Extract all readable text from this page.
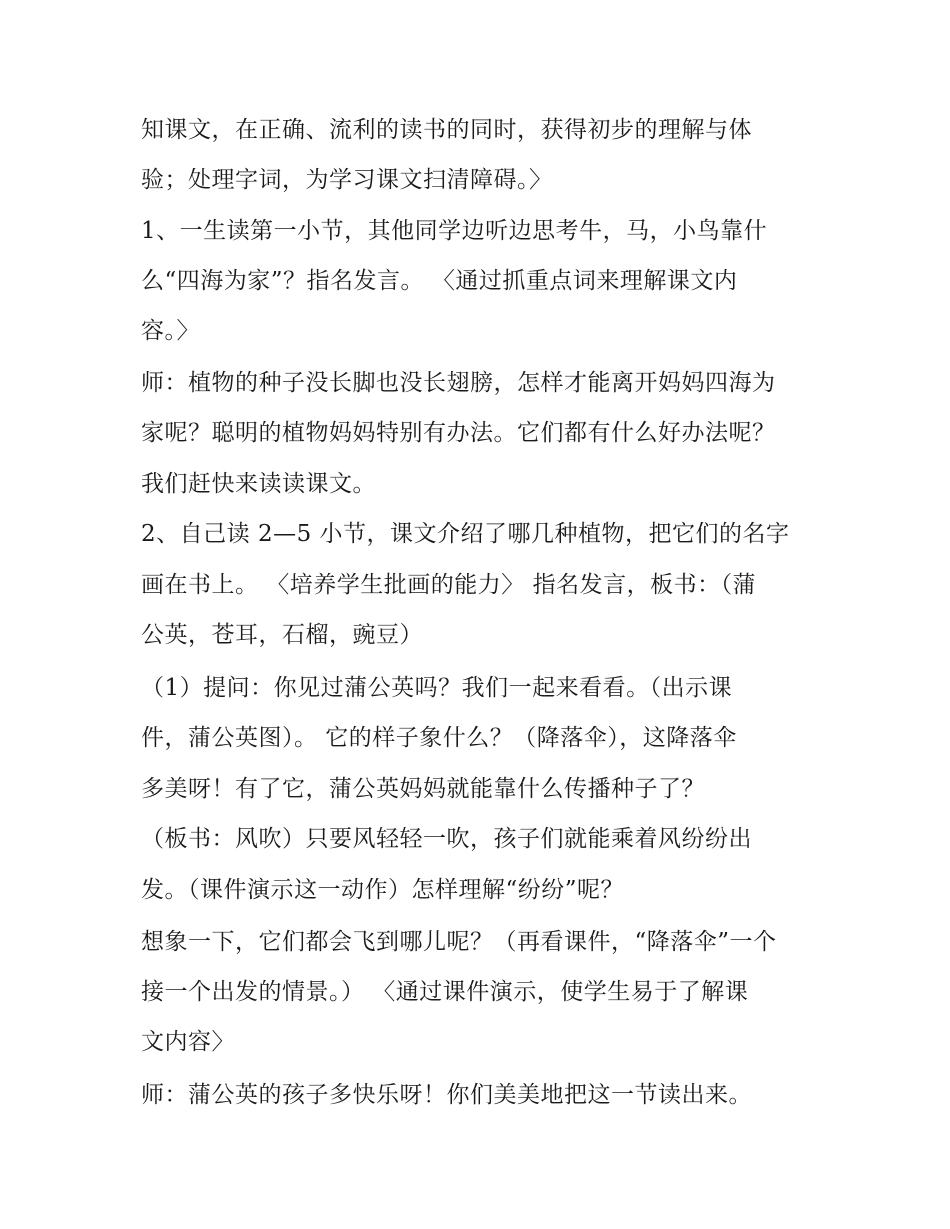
知课文，在正确、流利的读书的同时，获得初步的理解与体
验；处理字词，为学习课文扫清障碍。〉
1、一生读第一小节，其他同学边听边思考牛，马，小鸟靠什
么“四海为家”？指名发言。 〈通过抓重点词来理解课文内
容。〉
师：植物的种子没长脚也没长翅膀，怎样才能离开妈妈四海为
家呢？聪明的植物妈妈特别有办法。它们都有什么好办法呢？
我们赶快来读读课文。
2、自己读 2—5 小节，课文介绍了哪几种植物，把它们的名字
画在书上。 〈培养学生批画的能力〉 指名发言，板书：（蒲
公英，苍耳，石榴，豌豆）
（1）提问：你见过蒲公英吗？我们一起来看看。（出示课
件，蒲公英图）。 它的样子象什么？（降落伞），这降落伞
多美呀！有了它，蒲公英妈妈就能靠什么传播种子了？
（板书：风吹）只要风轻轻一吹，孩子们就能乘着风纷纷出
发。（课件演示这一动作）怎样理解“纷纷”呢？
想象一下，它们都会飞到哪儿呢？（再看课件，“降落伞”一个
接一个出发的情景。） 〈通过课件演示，使学生易于了解课
文内容〉
师：蒲公英的孩子多快乐呀！你们美美地把这一节读出来。
